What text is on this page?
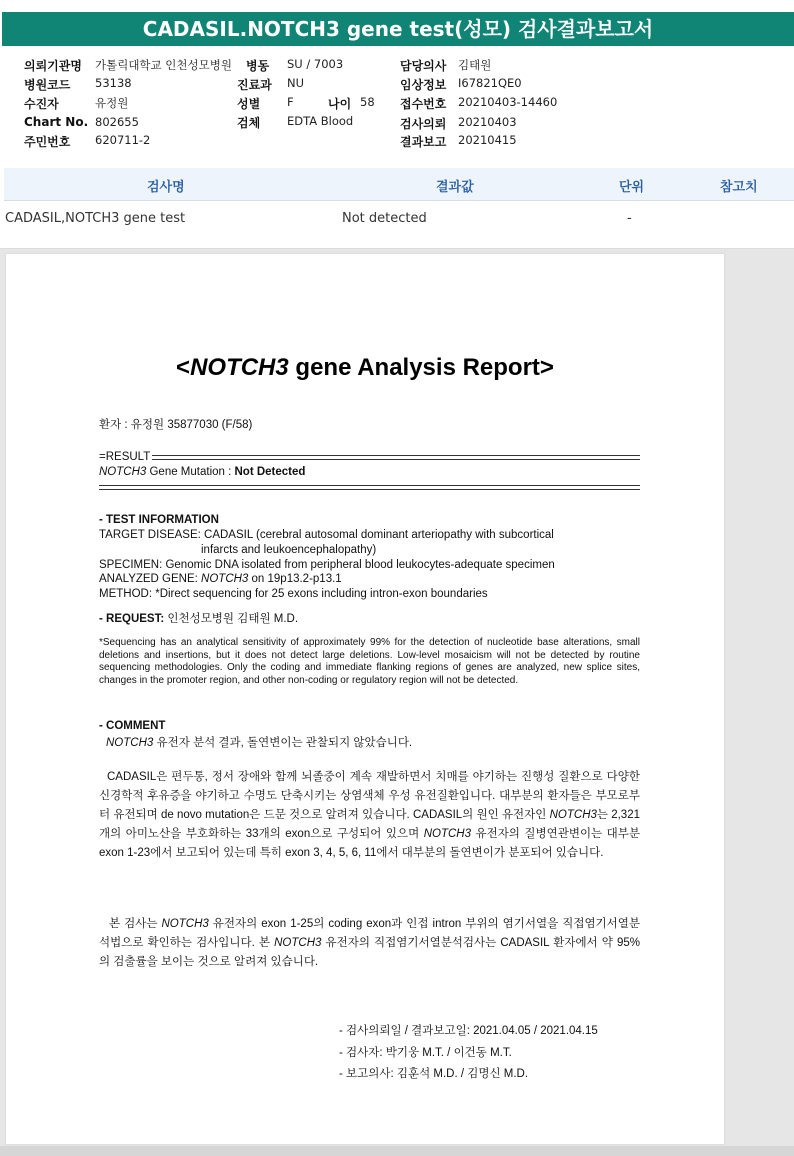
CADASIL.NOTCH3 gene test(성모) 검사결과보고서
의뢰기관명 가톨릭대학교 인천성모병원 병동 SU / 7003	담당의사 김태원
병원코드 53138	진료과 NU	임상정보 I67821QE0
수진자	유정원	성별 F	나이 58 접수번호 20210403-14460
Chart No. 802655	검체 EDTA Blood	검사의뢰 20210403
주민번호 620711-2	결과보고 20210415
검사명	결과값	단위	참고치
CADASIL,NOTCH3 gene test	Not detected	-
<NOTCH3 gene Analysis Report>
환자 : 유정원 35877030 (F/58)
=RESULT
NOTCH3 Gene Mutation : Not Detected
- TEST INFORMATION
TARGET DISEASE: CADASIL (cerebral autosomal dominant arteriopathy with subcortical
infarcts and leukoencephalopathy)
SPECIMEN: Genomic DNA isolated from peripheral blood leukocytes-adequate specimen
ANALYZED GENE: NOTCH3 on 19p13.2-p13.1
METHOD: *Direct sequencing for 25 exons including intron-exon boundaries
- REQUEST: 인천성모병원 김태원 M.D.
*Sequencing has an analytical sensitivity of approximately 99% for the detection of nucleotide base alterations, small deletions and insertions, but it does not detect large deletions. Low-level mosaicism will not be detected by routine sequencing methodologies. Only the coding and immediate flanking regions of genes are analyzed, new splice sites, changes in the promoter region, and other non-coding or regulatory region will not be detected.
- COMMENT
NOTCH3 유전자 분석 결과, 돌연변이는 관찰되지 않았습니다.
CADASIL은 편두통, 정서 장애와 함께 뇌졸중이 계속 재발하면서 치매를 야기하는 진행성 질환으로 다양한 신경학적 후유증을 야기하고 수명도 단축시키는 상염색체 우성 유전질환입니다. 대부분의 환자들은 부모로부터 유전되며 de novo mutation은 드문 것으로 알려져 있습니다. CADASIL의 원인 유전자인 NOTCH3는 2,321개의 아미노산을 부호화하는 33개의 exon으로 구성되어 있으며 NOTCH3 유전자의 질병연관변이는 대부분 exon 1-23에서 보고되어 있는데 특히 exon 3, 4, 5, 6, 11에서 대부분의 돌연변이가 분포되어 있습니다.
본 검사는 NOTCH3 유전자의 exon 1-25의 coding exon과 인접 intron 부위의 염기서열을 직접염기서열분석법으로 확인하는 검사입니다. 본 NOTCH3 유전자의 직접염기서열분석검사는 CADASIL 환자에서 약 95%의 검출률을 보이는 것으로 알려져 있습니다.
- 검사의뢰일 / 결과보고일: 2021.04.05 / 2021.04.15
- 검사자: 박기웅 M.T. / 이건동 M.T.
- 보고의사: 김훈석 M.D. / 김명신 M.D.
